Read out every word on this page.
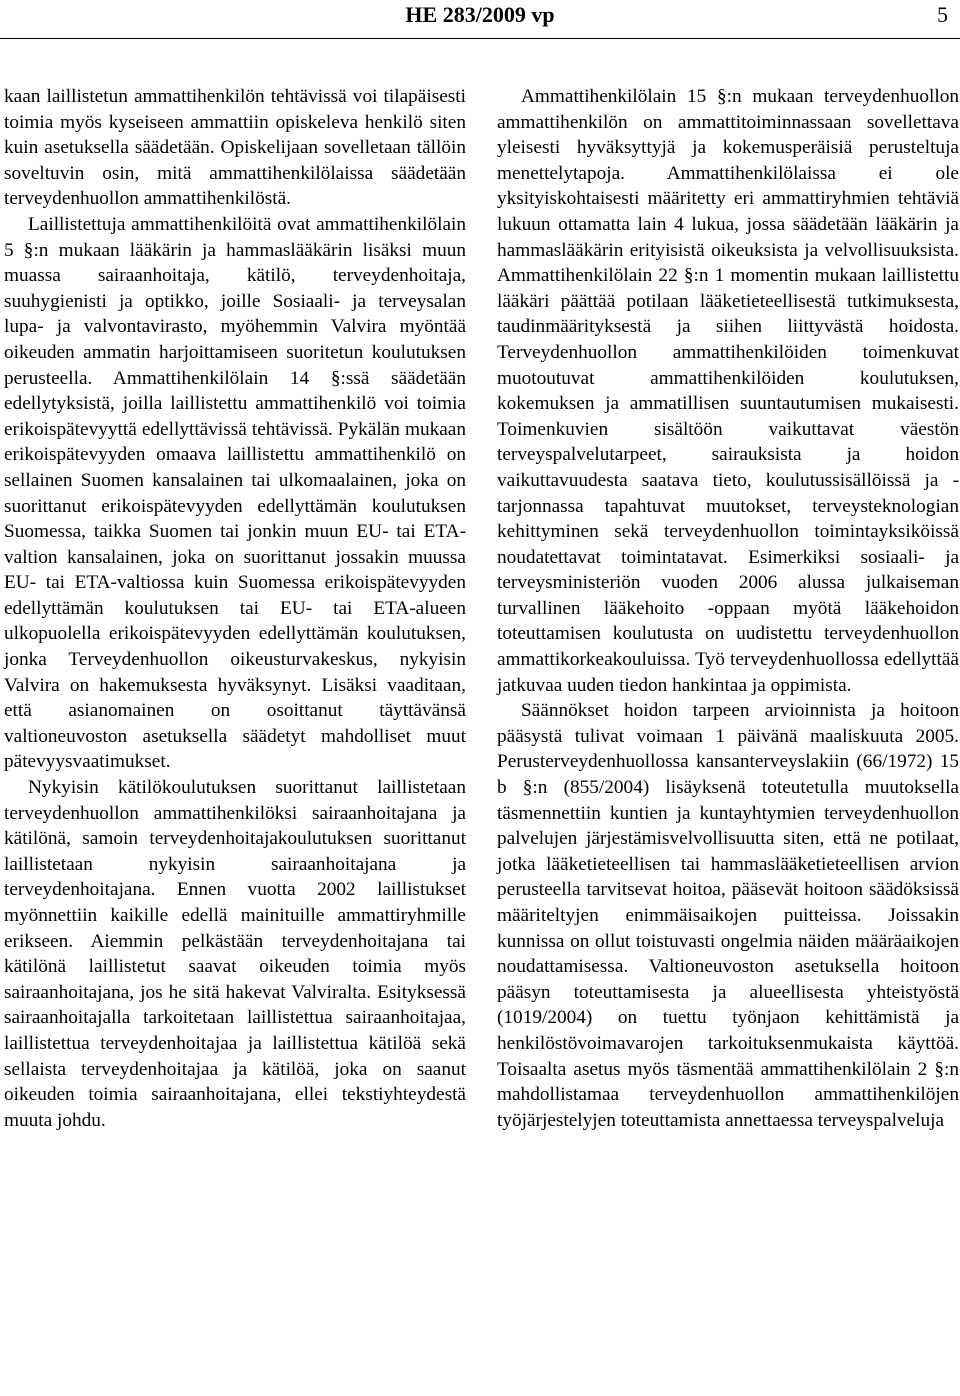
HE 283/2009 vp	5

kaan laillistetun ammattihenkilön tehtävissä voi tilapäisesti toimia myös kyseiseen ammattiin opiskeleva henkilö siten kuin asetuksella säädetään. Opiskelijaan sovelletaan tällöin soveltuvin osin, mitä ammattihenkilölaissa säädetään terveydenhuollon ammattihenkilöstä.

Laillistettuja ammattihenkilöitä ovat ammattihenkilölain 5 §:n mukaan lääkärin ja hammaslääkärin lisäksi muun muassa sairaanhoitaja, kätilö, terveydenhoitaja, suuhygienisti ja optikko, joille Sosiaali- ja terveysalan lupa- ja valvontavirasto, myöhemmin Valvira myöntää oikeuden ammatin harjoittamiseen suoritetun koulutuksen perusteella. Ammattihenkilölain 14 §:ssä säädetään edellytyksistä, joilla laillistettu ammattihenkilö voi toimia erikoispätevyyttä edellyttävissä tehtävissä. Pykälän mukaan erikoispätevyyden omaava laillistettu ammattihenkilö on sellainen Suomen kansalainen tai ulkomaalainen, joka on suorittanut erikoispätevyyden edellyttämän koulutuksen Suomessa, taikka Suomen tai jonkin muun EU- tai ETA-valtion kansalainen, joka on suorittanut jossakin muussa EU- tai ETA-valtiossa kuin Suomessa erikoispätevyyden edellyttämän koulutuksen tai EU- tai ETA-alueen ulkopuolella erikoispätevyyden edellyttämän koulutuksen, jonka Terveydenhuollon oikeusturvakeskus, nykyisin Valvira on hakemuksesta hyväksynyt. Lisäksi vaaditaan, että asianomainen on osoittanut täyttävänsä valtioneuvoston asetuksella säädetyt mahdolliset muut pätevyysvaatimukset.

Nykyisin kätilökoulutuksen suorittanut laillistetaan terveydenhuollon ammattihenkilöksi sairaanhoitajana ja kätilönä, samoin terveydenhoitajakoulutuksen suorittanut laillistetaan nykyisin sairaanhoitajana ja terveydenhoitajana. Ennen vuotta 2002 laillistukset myönnettiin kaikille edellä mainituille ammattiryhmille erikseen. Aiemmin pelkästään terveydenhoitajana tai kätilönä laillistetut saavat oikeuden toimia myös sairaanhoitajana, jos he sitä hakevat Valviralta. Esityksessä sairaanhoitajalla tarkoitetaan laillistettua sairaanhoitajaa, laillistettua terveydenhoitajaa ja laillistettua kätilöä sekä sellaista terveydenhoitajaa ja kätilöä, joka on saanut oikeuden toimia sairaanhoitajana, ellei tekstiyhteydestä muuta johdu.

Ammattihenkilölain 15 §:n mukaan terveydenhuollon ammattihenkilön on ammattitoiminnassaan sovellettava yleisesti hyväksyttyjä ja kokemusperäisiä perusteltuja menettelytapoja. Ammattihenkilölaissa ei ole yksityiskohtaisesti määritetty eri ammattiryhmien tehtäviä lukuun ottamatta lain 4 lukua, jossa säädetään lääkärin ja hammaslääkärin erityisistä oikeuksista ja velvollisuuksista. Ammattihenkilölain 22 §:n 1 momentin mukaan laillistettu lääkäri päättää potilaan lääketieteellisestä tutkimuksesta, taudinmäärityksestä ja siihen liittyvästä hoidosta. Terveydenhuollon ammattihenkilöiden toimenkuvat muotoutuvat ammattihenkilöiden koulutuksen, kokemuksen ja ammatillisen suuntautumisen mukaisesti. Toimenkuvien sisältöön vaikuttavat väestön terveyspalvelutarpeet, sairauksista ja hoidon vaikuttavuudesta saatava tieto, koulutussisällöissä ja -tarjonnassa tapahtuvat muutokset, terveysteknologian kehittyminen sekä terveydenhuollon toimintayksiköissä noudatettavat toimintatavat. Esimerkiksi sosiaali- ja terveysministeriön vuoden 2006 alussa julkaiseman turvallinen lääkehoito -oppaan myötä lääkehoidon toteuttamisen koulutusta on uudistettu terveydenhuollon ammattikorkeakouluissa. Työ terveydenhuollossa edellyttää jatkuvaa uuden tiedon hankintaa ja oppimista.

Säännökset hoidon tarpeen arvioinnista ja hoitoon pääsystä tulivat voimaan 1 päivänä maaliskuuta 2005. Perusterveydenhuollossa kansanterveyslakiin (66/1972) 15 b §:n (855/2004) lisäyksenä toteutetulla muutoksella täsmennettiin kuntien ja kuntayhtymien terveydenhuollon palvelujen järjestämisvelvollisuutta siten, että ne potilaat, jotka lääketieteellisen tai hammaslääketieteellisen arvion perusteella tarvitsevat hoitoa, pääsevät hoitoon säädöksissä määriteltyjen enimmäisaikojen puitteissa. Joissakin kunnissa on ollut toistuvasti ongelmia näiden määräaikojen noudattamisessa. Valtioneuvoston asetuksella hoitoon pääsyn toteuttamisesta ja alueellisesta yhteistyöstä (1019/2004) on tuettu työnjaon kehittämistä ja henkilöstövoimavarojen tarkoituksenmukaista käyttöä. Toisaalta asetus myös täsmentää ammattihenkilölain 2 §:n mahdollistamaa terveydenhuollon ammattihenkilöjen työjärjestelyjen toteuttamista annettaessa terveyspalveluja
